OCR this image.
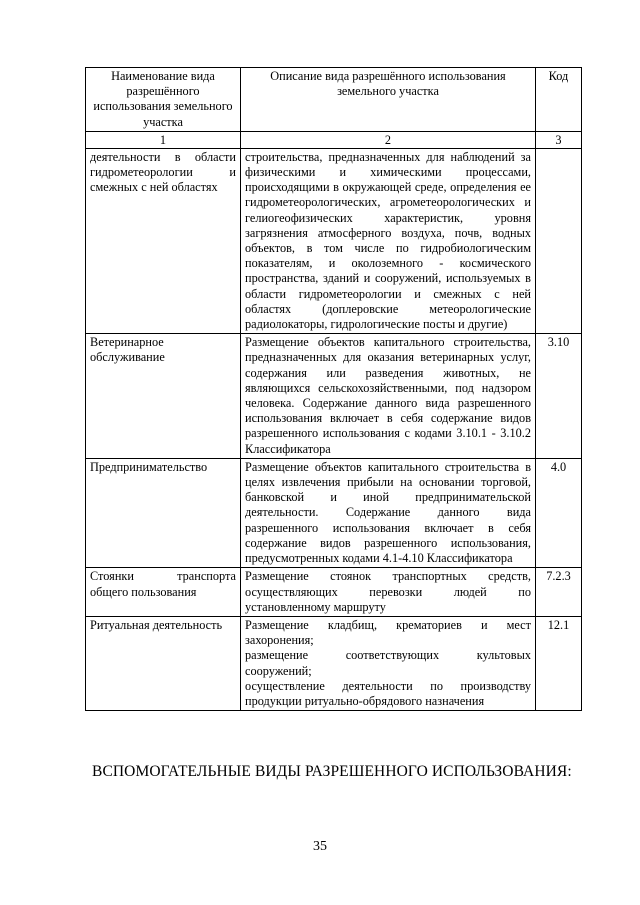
Наименование вида разрешённого использования земельного участка	Описание вида разрешённого использования земельного участка	Код
1	2	3
деятельности в области гидрометеорологии и смежных с ней областях	строительства, предназначенных для наблюдений за физическими и химическими процессами, происходящими в окружающей среде, определения ее гидрометеорологических, агрометеорологических и гелиогеофизических характеристик, уровня загрязнения атмосферного воздуха, почв, водных объектов, в том числе по гидробиологическим показателям, и околоземного - космического пространства, зданий и сооружений, используемых в области гидрометеорологии и смежных с ней областях (доплеровские метеорологические радиолокаторы, гидрологические посты и другие)	
Ветеринарное обслуживание	Размещение объектов капитального строительства, предназначенных для оказания ветеринарных услуг, содержания или разведения животных, не являющихся сельскохозяйственными, под надзором человека. Содержание данного вида разрешенного использования включает в себя содержание видов разрешенного использования с кодами 3.10.1 - 3.10.2 Классификатора	3.10
Предпринимательство	Размещение объектов капитального строительства в целях извлечения прибыли на основании торговой, банковской и иной предпринимательской деятельности. Содержание данного вида разрешенного использования включает в себя содержание видов разрешенного использования, предусмотренных кодами 4.1-4.10 Классификатора	4.0
Стоянки транспорта общего пользования	Размещение стоянок транспортных средств, осуществляющих перевозки людей по установленному маршруту	7.2.3
Ритуальная деятельность	Размещение кладбищ, крематориев и мест захоронения;

размещение соответствующих культовых сооружений;

осуществление деятельности по производству продукции ритуально-обрядового назначения	12.1
ВСПОМОГАТЕЛЬНЫЕ ВИДЫ РАЗРЕШЕННОГО ИСПОЛЬЗОВАНИЯ:
35
